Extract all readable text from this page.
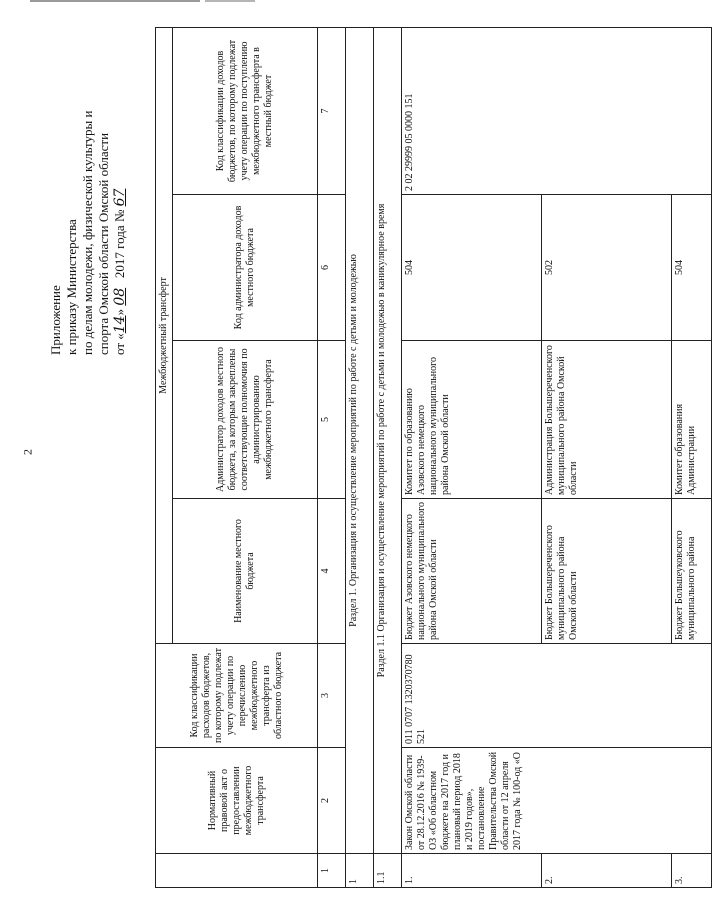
2
Приложение к приказу Министерства по делам молодежи, физической культуры и спорта Омской области Омской области от «14» 08   2017 года № 67
	Нормативный правовой акт о предоставлении межбюджетного трансферта	Код классификации расходов бюджетов, по которому подлежат учету операции по перечислению межбюджетного трансферта из областного бюджета	Межбюджетный трансферт			
			Наименование местного бюджета	Администратор доходов местного бюджета, за которым закреплены соответствующие полномочия по администрированию межбюджетного трансферта	Код администратора доходов местного бюджета	Код классификации доходов бюджетов, по которому подлежат учету операции по поступлению межбюджетного трансферта в местный бюджет
1	2	3	4	5	6	7
1	Раздел 1. Организация и осуществление мероприятий по работе с детьми и молодежью					
1.1	Раздел 1.1 Организация и осуществление мероприятий по работе с детьми и молодежью в каникулярное время					
1.	Закон Омской области от 28.12.2016 № 1939-ОЗ «Об областном бюджете на 2017 год и плановый период 2018 и 2019 годов», постановление Правительства Омской области от 12 апреля 2017 года № 100-од «О	011 0707 1320370780 521	Бюджет Азовского немецкого национального муниципального района Омской области	Комитет по образованию Азовского немецкого национального муниципального района Омской области	504	2 02 29999 05 0000 151
2.			Бюджет Большереченского муниципального района Омской области	Администрация Большереченского муниципального района Омской области	502	
3.			Бюджет Большеуковского муниципального района	Комитет образования Администрации	504	
